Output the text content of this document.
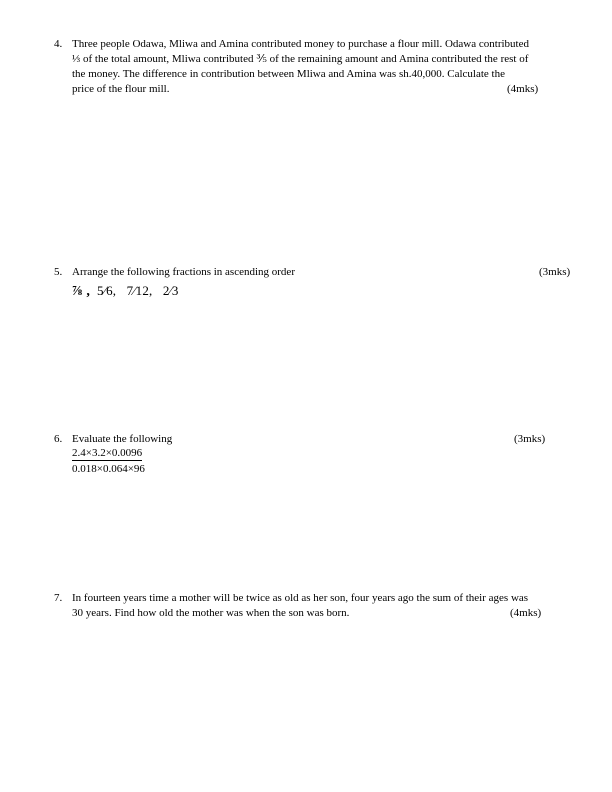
4. Three people Odawa, Mliwa and Amina contributed money to purchase a flour mill. Odawa contributed
⅓ of the total amount, Mliwa contributed ⅗ of the remaining amount and Amina contributed the rest of
the money. The difference in contribution between Mliwa and Amina was sh.40,000. Calculate the
price of the flour mill.	(4mks)
5. Arrange the following fractions in ascending order	(3mks)
⅞ ,  5⁄6,   7⁄12,   2⁄3
6. Evaluate the following	(3mks)
2.4×3.2×0.0096
0.018×0.064×96
7. In fourteen years time a mother will be twice as old as her son, four years ago the sum of their ages was
30 years. Find how old the mother was when the son was born.	(4mks)
